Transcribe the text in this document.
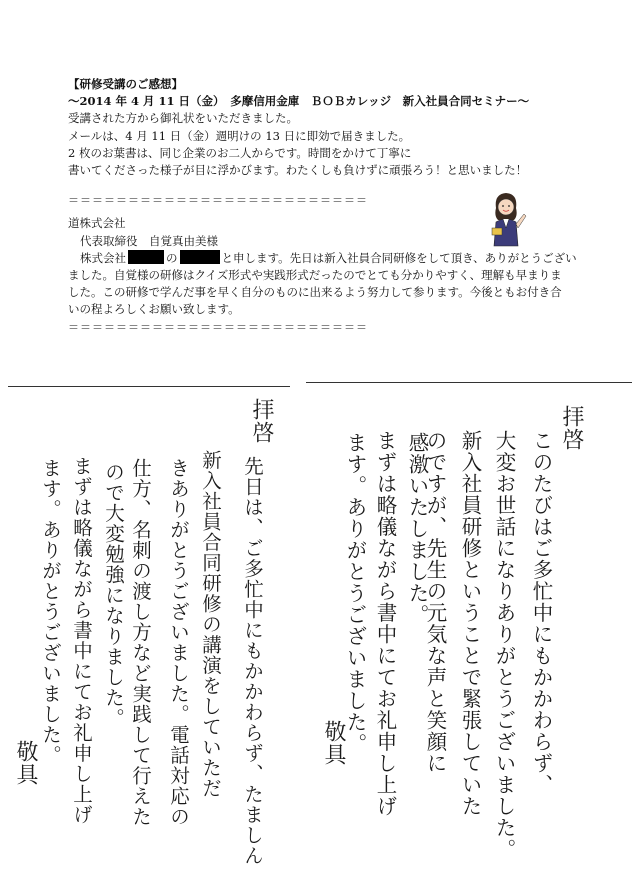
【研修受講のご感想】
～2014 年 4 月 11 日（金）　多摩信用金庫　ＢＯＢカレッジ　新入社員合同セミナー～
受講された方から御礼状をいただきました。
メールは、4 月 11 日（金）週明けの 13 日に即効で届きました。
2 枚のお葉書は、同じ企業のお二人からです。時間をかけて丁寧に
書いてくださった様子が目に浮かびます。わたくしも負けずに頑張ろう！と思いました！
＝＝＝＝＝＝＝＝＝＝＝＝＝＝＝＝＝＝＝＝＝＝＝＝＝
道株式会社
代表取締役　自覚真由美様
株式会社	の	と申します。先日は新入社員合同研修をして頂き、ありがとうござい
ました。自覚様の研修はクイズ形式や実践形式だったのでとても分かりやすく、理解も早まりま
した。この研修で学んだ事を早く自分のものに出来るよう努力して参ります。今後ともお付き合
いの程よろしくお願い致します。
＝＝＝＝＝＝＝＝＝＝＝＝＝＝＝＝＝＝＝＝＝＝＝＝＝
拝啓
このたびはご多忙中にもかかわらず、
大変お世話になりありがとうございました。
新入社員研修ということで緊張していた
のですが、先生の元気な声と笑顔に
感激いたしました。
まずは略儀ながら書中にてお礼申し上げ
ます。ありがとうございました。
敬具
拝啓
先日は、ご多忙中にもかかわらず、たましん
新入社員合同研修の講演をしていただ
きありがとうございました。電話対応の
仕方、名刺の渡し方など実践して行えた
ので大変勉強になりました。
まずは略儀ながら書中にてお礼申し上げ
ます。ありがとうございました。
敬具
